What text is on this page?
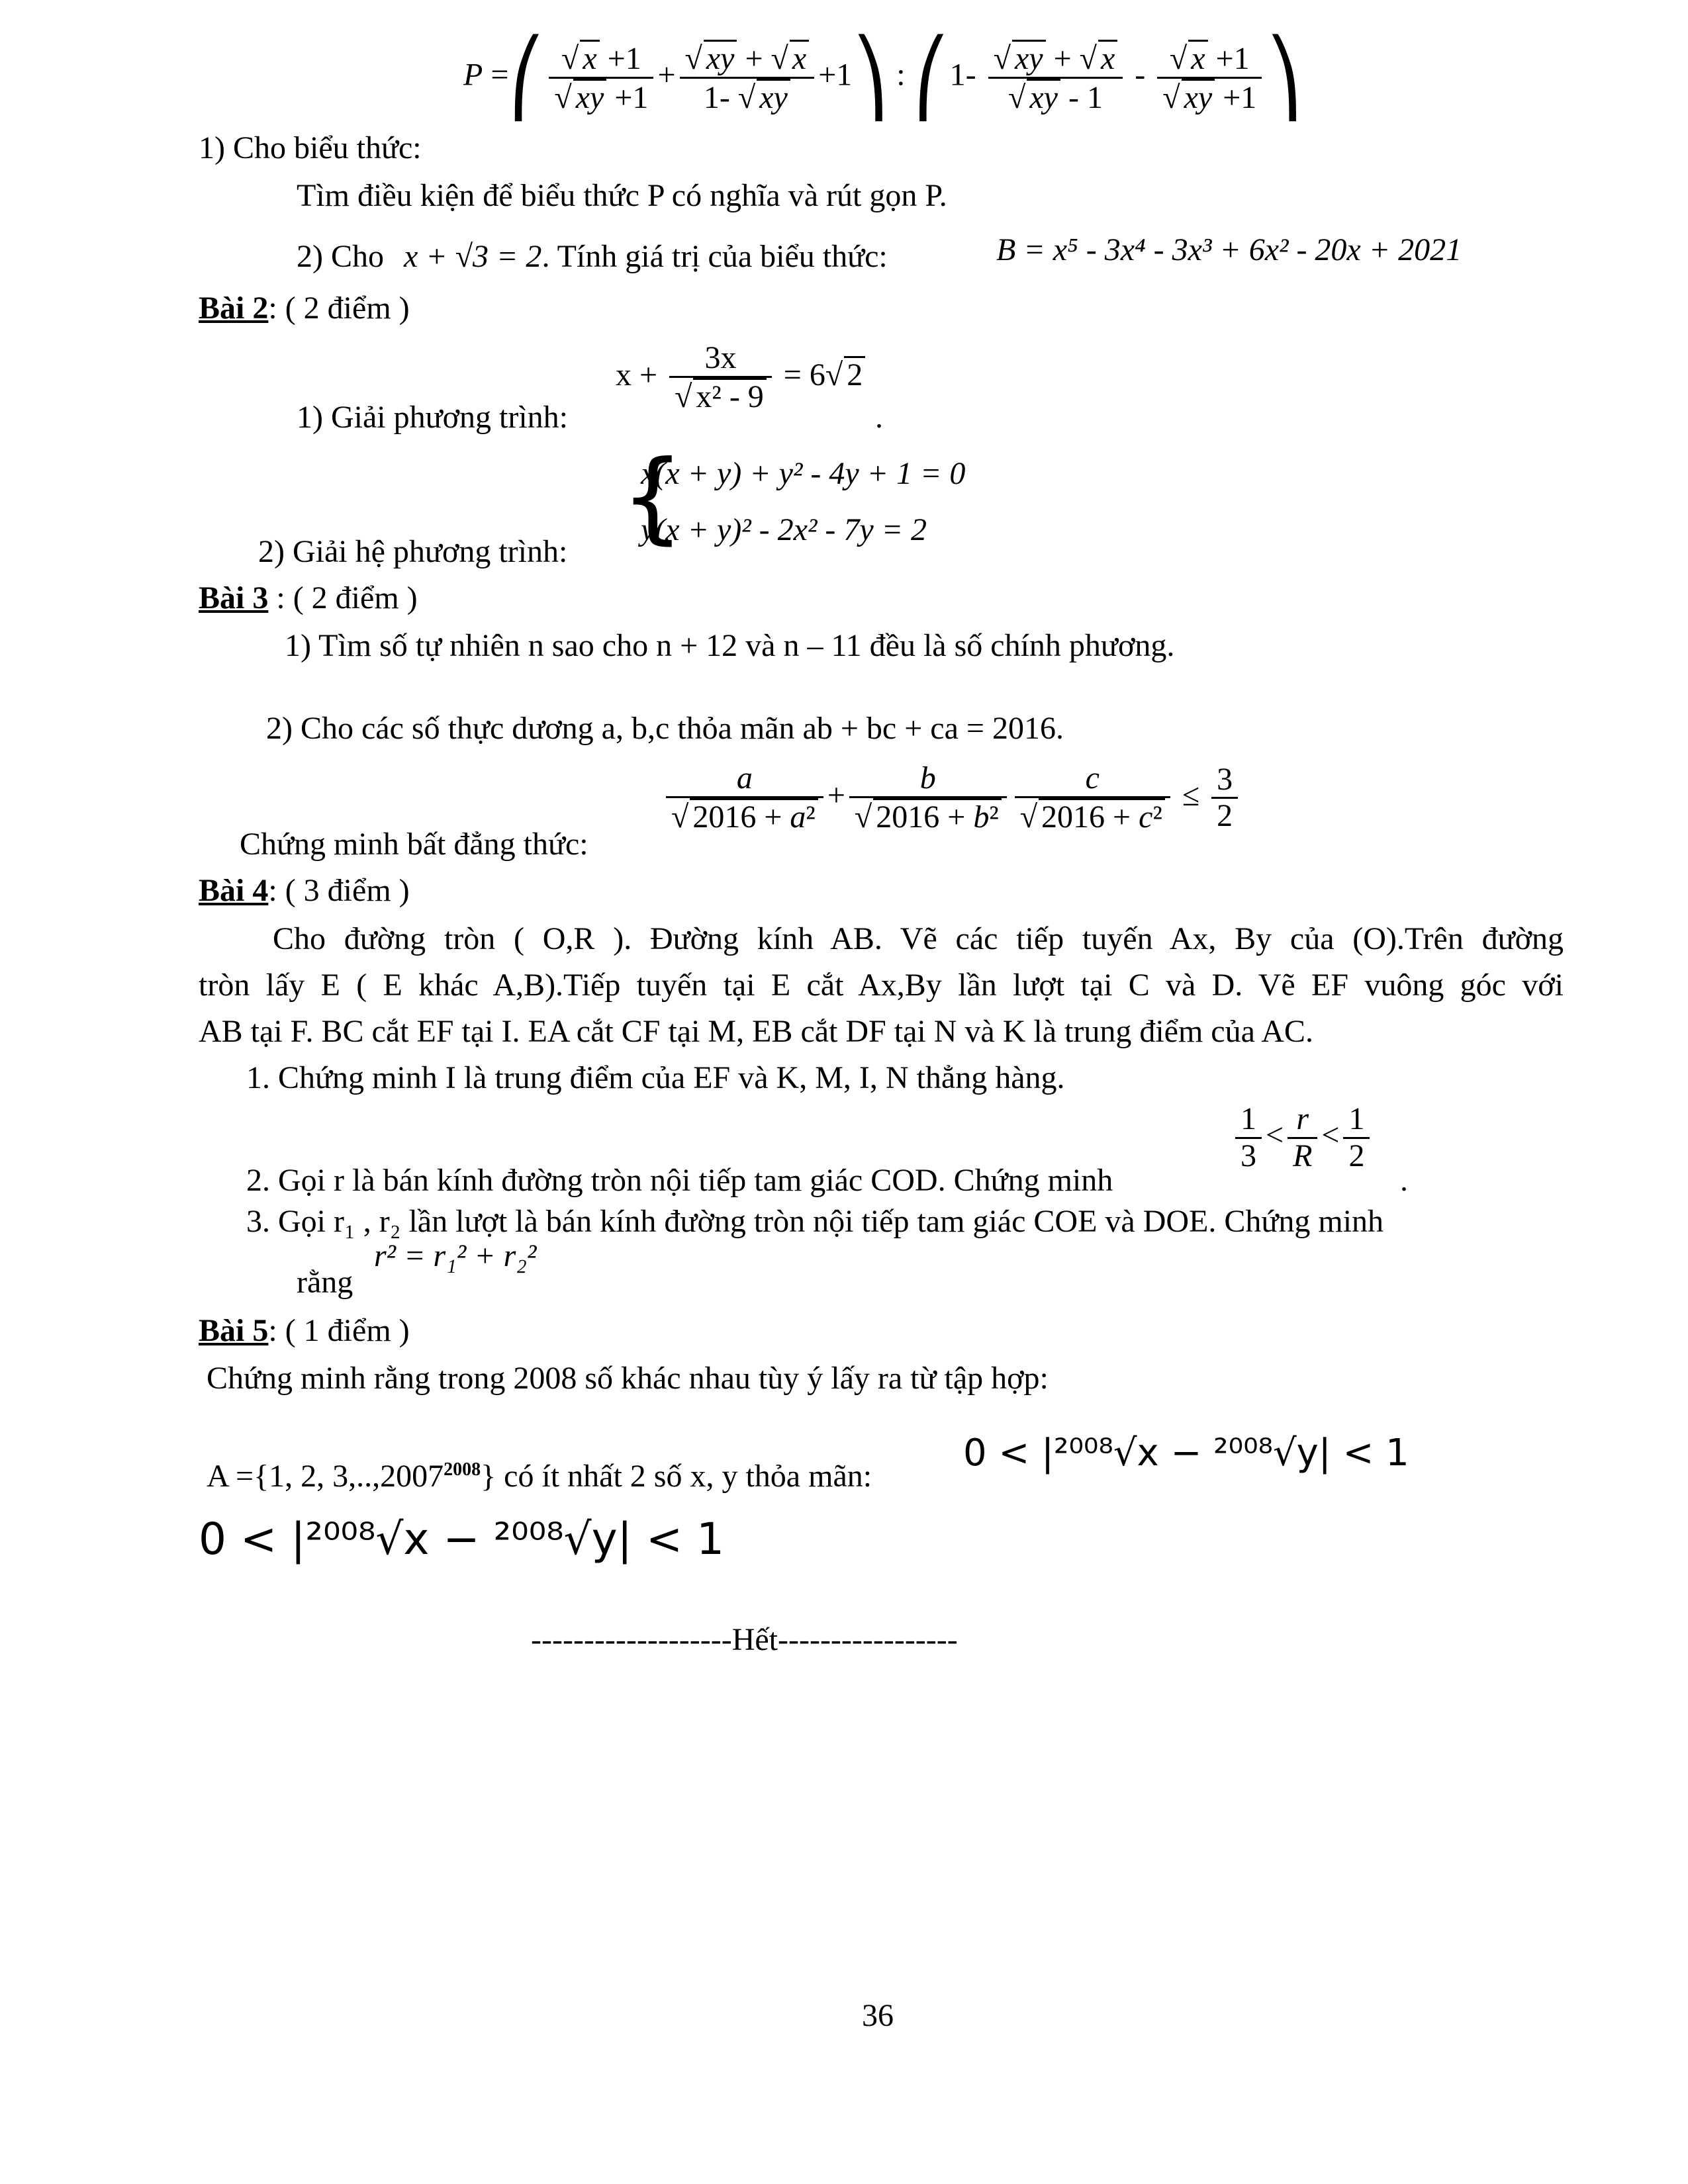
P =⎛ √ x +1
√ xy +1 + √ $\frac{xy + √ x}{1- √ xy}$ +1⎞ : ⎛1- √ xy + √ x
√ xy - 1 - √ x +1
√ xy +1 ⎞
1) Cho biểu thức:
Tìm điều kiện để biểu thức P có nghĩa và rút gọn P.
2) Cho x + √3 = 2. Tính giá trị của biểu thức:	B = x⁵ - 3x⁴ - 3x³ + 6x² - 20x + 2021
Bài 2: ( 2 điểm )
x + 3x
√ x² - 9 = 6 √ 2
1) Giải phương trình:	.
x(x + y) + y² - 4y + 1 = 0
y(x + y)² - 2x² - 7y = 2
{
2) Giải hệ phương trình:
Bài 3 : ( 2 điểm )
1) Tìm số tự nhiên n sao cho n + 12 và n – 11 đều là số chính phương.
2) Cho các số thực dương a, b,c thỏa mãn ab + bc + ca = 2016.
a
√ 2016 + a² + b
√ 2016 + b² c
√ $2016 + c^2 \le \frac{3}{2}$
Chứng minh bất đẳng thức:
Bài 4: ( 3 điểm )
Cho đường tròn ( O,R ). Đường kính AB. Vẽ các tiếp tuyến Ax, By của (O).Trên đường
tròn lấy E ( E khác A,B).Tiếp tuyến tại E cắt Ax,By lần lượt tại C và D. Vẽ EF vuông góc với
AB tại F. BC cắt EF tại I. EA cắt CF tại M, EB cắt DF tại N và K là trung điểm của AC.
1. Chứng minh I là trung điểm của EF và K, M, I, N thẳng hàng.
$\frac{1}{3} < \frac{r}{R} < \frac{1}{2}$
2. Gọi r là bán kính đường tròn nội tiếp tam giác COD. Chứng minh	.
3. Gọi r₁ , r₂ lần lượt là bán kính đường tròn nội tiếp tam giác COE và DOE. Chứng minh
r² = r₁² + r₂²
rằng
Bài 5: ( 1 điểm )
Chứng minh rằng trong 2008 số khác nhau tùy ý lấy ra từ tập hợp:
A ={1, 2, $3,..,2007^{2008}$} có ít nhất 2 số x, y thỏa mãn:
0 < |²⁰⁰⁸√x − ²⁰⁰⁸√y| < 1
0 < |²⁰⁰⁸√x − ²⁰⁰⁸√y| < 1
-------------------Hết-----------------
36
